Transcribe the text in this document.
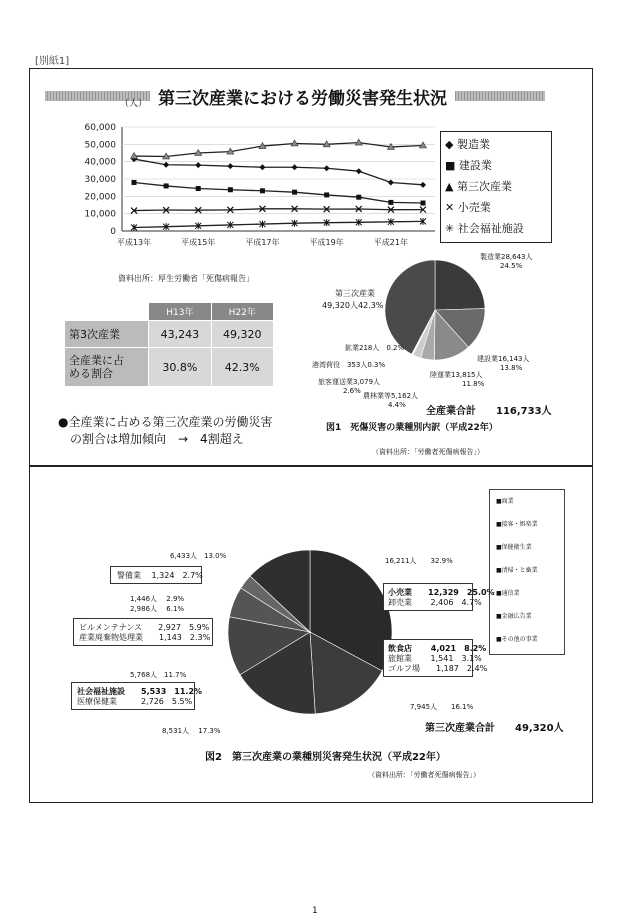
[別紙1]
第三次産業における労働災害発生状況
（人）
0
10,000
20,000
30,000
40,000
50,000
60,000
平成13年	平成15年	平成17年	平成19年	平成21年
◆ 製造業
■ 建設業
▲ 第三次産業
✕ 小売業
✳ 社会福祉施設
資料出所：厚生労働省「死傷病報告」
	H13年	H22年
第3次産業	43,243	49,320
全産業に占
める割合	30.8%	42.3%
●全産業に占める第三次産業の労働災害
の割合は増加傾向　→　4割超え
製造業28,643人
24.5%
建設業16,143人
13.8%
陸運業13,815人
11.8%
農林業等5,162人
4.4%
旅客運送業3,079人
2.6%
港湾荷役　353人0.3%
鉱業218人　0.2%
第三次産業
49,320人42.3%
全産業合計　　116,733人
図1　死傷災害の業種別内訳（平成22年）
（資料出所：「労働者死傷病報告」）
■商業
■接客・娯楽業
■保健衛生業
■清掃・と畜業
■通信業
■金融広告業
■その他の事業
6,433人　13.0%
警備業　 1,324　2.7%
1,446人　 2.9%
2,986人　 6.1%
ビルメンテナンス　　2,927　5.9%
産業廃棄物処理業　　1,143　2.3%
5,768人　11.7%
社会福祉施設　　5,533　11.2%
医療保健業　　　2,726　5.5%
8,531人　 17.3%
16,211人　　32.9%
小売業　　12,329　25.0%
卸売業　　 2,406　4.7%
飲食店　　 4,021　8.2%
旅館業　　 1,541　3.1%
ゴルフ場　　1,187　2.4%
7,945人　　16.1%
第三次産業合計　　49,320人
図2　第三次産業の業種別災害発生状況（平成22年）
（資料出所：「労働者死傷病報告」）
1
